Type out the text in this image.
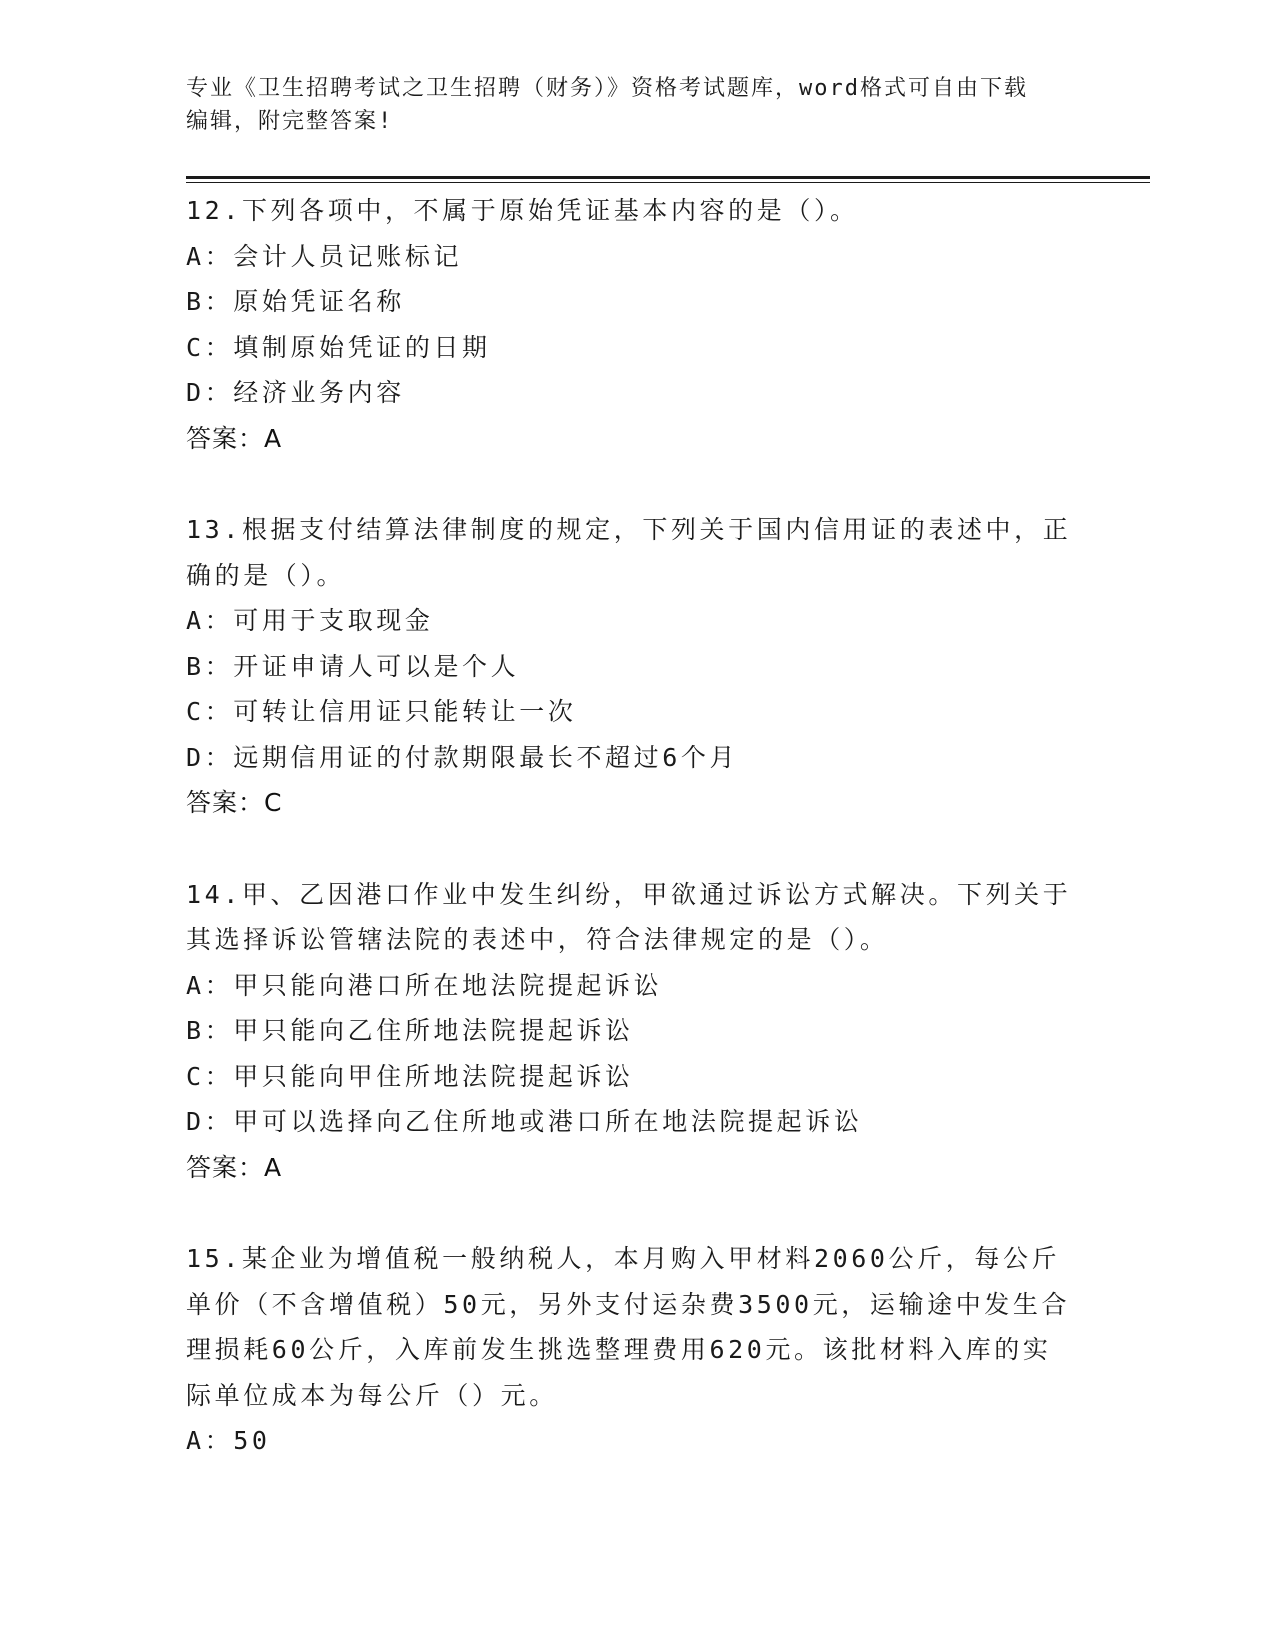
专业《卫生招聘考试之卫生招聘（财务）》资格考试题库，word格式可自由下载
编辑，附完整答案!
12.下列各项中，不属于原始凭证基本内容的是（）。
A：会计人员记账标记
B：原始凭证名称
C：填制原始凭证的日期
D：经济业务内容
答案：A
13.根据支付结算法律制度的规定，下列关于国内信用证的表述中，正
确的是（）。
A：可用于支取现金
B：开证申请人可以是个人
C：可转让信用证只能转让一次
D：远期信用证的付款期限最长不超过6个月
答案：C
14.甲、乙因港口作业中发生纠纷，甲欲通过诉讼方式解决。下列关于
其选择诉讼管辖法院的表述中，符合法律规定的是（）。
A：甲只能向港口所在地法院提起诉讼
B：甲只能向乙住所地法院提起诉讼
C：甲只能向甲住所地法院提起诉讼
D：甲可以选择向乙住所地或港口所在地法院提起诉讼
答案：A
15.某企业为增值税一般纳税人，本月购入甲材料2060公斤，每公斤
单价（不含增值税）50元，另外支付运杂费3500元，运输途中发生合
理损耗60公斤，入库前发生挑选整理费用620元。该批材料入库的实
际单位成本为每公斤（）元。
A：50
